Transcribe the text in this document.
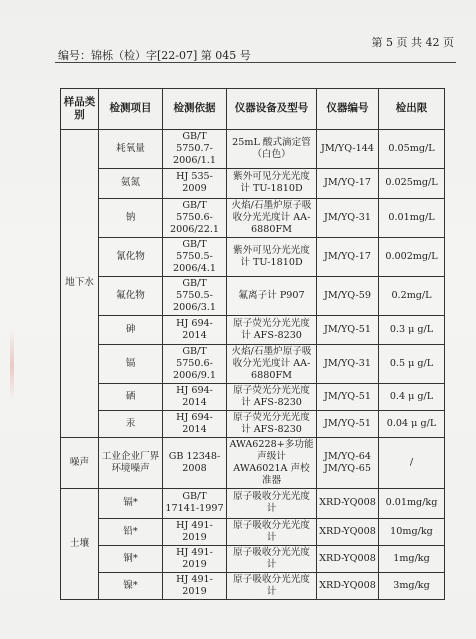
第 5 页 共 42 页
编号：锦栎（检）字[22-07] 第 045 号
样品类别	检测项目	检测依据	仪器设备及型号	仪器编号	检出限
地下水	耗氧量	GB/T 5750.7-2006/1.1	25mL 酸式滴定管（白色）	JM/YQ-144	0.05mg/L
	氨氮	HJ 535-2009	紫外可见分光光度计 TU-1810D	JM/YQ-17	0.025mg/L
	钠	GB/T 5750.6-2006/22.1	火焰/石墨炉原子吸收分光光度计 AA-6880FM	JM/YQ-31	0.01mg/L
	氰化物	GB/T 5750.5-2006/4.1	紫外可见分光光度计 TU-1810D	JM/YQ-17	0.002mg/L
	氟化物	GB/T 5750.5-2006/3.1	氟离子计 P907	JM/YQ-59	0.2mg/L
	砷	HJ 694-2014	原子荧光分光光度计 AFS-8230	JM/YQ-51	0.3 μ g/L
	镉	GB/T 5750.6-2006/9.1	火焰/石墨炉原子吸收分光光度计 AA-6880FM	JM/YQ-31	0.5 μ g/L
	硒	HJ 694-2014	原子荧光分光光度计 AFS-8230	JM/YQ-51	0.4 μ g/L
	汞	HJ 694-2014	原子荧光分光光度计 AFS-8230	JM/YQ-51	0.04 μ g/L
噪声	工业企业厂界环境噪声	GB 12348-2008	AWA6228+多功能声级计 AWA6021A 声校准器	JM/YQ-64 JM/YQ-65	/
土壤	镉*	GB/T 17141-1997	原子吸收分光光度计	XRD-YQ008	0.01mg/kg
	铅*	HJ 491-2019	原子吸收分光光度计	XRD-YQ008	10mg/kg
	铜*	HJ 491-2019	原子吸收分光光度计	XRD-YQ008	1mg/kg
	镍*	HJ 491-2019	原子吸收分光光度计	XRD-YQ008	3mg/kg
